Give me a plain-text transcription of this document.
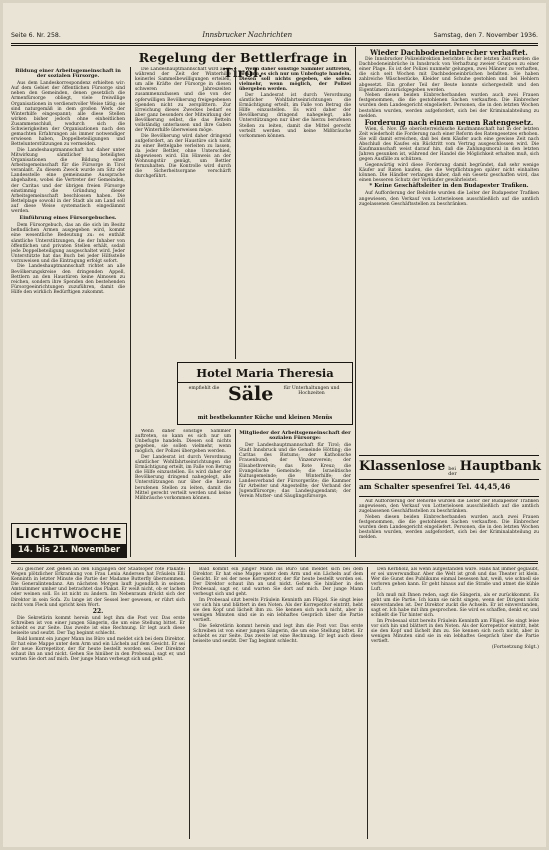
Seite 6. Nr. 258.	Innsbrucker Nachrichten	Samstag, den 7. November 1936.
Regelung der Bettlerfrage in Tirol.
Bildung einer Arbeitsgemeinschaft in der sozialen Fürsorge.

Aus dem Landeskorrespondenz erhielten wir: Auf dem Gebiet der öffentlichen Fürsorge sind neben den Gemeinden, denen gesetzlich die Armenfürsorge obliegt, viele freiwillige Organisationen in verdienstvoller Weise tätig; sie sind naturgemäß in dem großen Werk der Winterhilfe eingespannt; alle diese Stellen wirken bisher jedoch ohne einheitlichen Zusammenschluß, wodurch sich die Schwierigkeiten der Organisationen nach den gemachten Erfahrungen als immer notwendiger erwiesen haben, Doppelbeteiligungen und Bettelunterstützungen zu vermeiden.

Die Landeshauptmannschaft hat daher unter Mitwirkung sämtlicher beteiligten Organisationen die Bildung einer Arbeitsgemeinschaft für die Fürsorge in Tirol veranlaßt. Zu diesem Zweck wurde am Sitz der Landesstelle eine gemeinsame Aussprache abgehalten, wobei die Vertreter der Gemeinden, der Caritas und der übrigen freien Fürsorge einstimmig die Gründung dieser Arbeitsgemeinschaft beschlossen haben. Die Bettelplage sowohl in der Stadt als am Land soll auf diese Weise systematisch eingedämmt werden.

Einführung eines Fürsorgebuches.

Dem Fürsorgebuch, das an die sich im Besitz befindlichen Armen ausgegeben wird, kommt eine wesentliche Bedeutung zu: es enthält sämtliche Unterstützungen, die der Inhaber von öffentlichen und privaten Stellen erhält, sodaß jede Doppelbeteiligung ausgeschaltet wird. Jeder Unterstützte hat das Buch bei jeder Hilfsstelle vorzuweisen und die Eintragung erfolgt sofort.

Die Landeshauptmannschaft richtet an alle Bevölkerungskreise den dringenden Appell, Bettlern an den Haustüren keine Almosen zu reichen, sondern ihre Spenden den bestehenden Fürsorgeeinrichtungen zuzuführen, damit die Hilfe den wirklich Bedürftigen zukommt.

LICHTWOCHE
14. bis 21. November

Die Landeshauptmannschaft wird auch während der Zeit der Winterhilfe keinerlei Sammelbewilligungen erteilen, um alle Kräfte der Fürsorge in diesen schweren Jahreszeiten zusammenzufassen und die von der opferwilligen Bevölkerung freigegebenen Spenden nicht zu zersplittern. Zur Erreichung dieses Zweckes bedarf es aber ganz besonders der Mitwirkung der Bevölkerung selbst, die das Betteln vollständig unterlassen und ihre Gaben der Winterhilfe überweisen möge.

Die Bevölkerung wird daher dringend aufgefordert, an der Haustüre sich nicht zu einer Bettelgabe verleiten zu lassen, da jeder Bettler, ohne Unterschied, abgewiesen wird. Ein Hinweis an der Wohnungstür genügt, um Bettler fernzuhalten. Die Kontrolle wird durch die Sicherheitsorgane verschärft durchgeführt.

Wenn daher sonstige Sammler auftreten, so kann es sich nur um Unbefugte handeln. Diesen soll nichts gegeben, sie sollen vielmehr, wenn möglich, der Polizei übergeben werden.

Der Landesrat ist durch Verordnung sämtlicher Wohlfahrtseinrichtungen die Ermächtigung erteilt, im Falle von Betrug die Hilfe einzustellen. Es wird daher der Bevölkerung dringend nahegelegt, alle Unterstützungen nur über die hierzu berufenen Stellen zu leiten, damit die Mittel gerecht verteilt werden und keine Mißbräuche vorkommen können.

Hotel Maria Theresia
empfiehlt die Säle	für Unterhaltungen und Hochzeiten
mit bestbekannter Küche und kleinen Menüs

Wenn daher sonstige Sammler auftreten, so kann es sich nur um Unbefugte handeln. Diesen soll nichts gegeben, sie sollen vielmehr, wenn möglich, der Polizei übergeben werden.

Der Landesrat ist durch Verordnung sämtlicher Wohlfahrtseinrichtungen die Ermächtigung erteilt, im Falle von Betrug die Hilfe einzustellen. Es wird daher der Bevölkerung dringend nahegelegt, alle Unterstützungen nur über die hierzu berufenen Stellen zu leiten, damit die Mittel gerecht verteilt werden und keine Mißbräuche vorkommen können.

Mitglieder der Arbeitsgemeinschaft der sozialen Fürsorge:

Der Landeshauptmannschaft für Tirol; die Stadt Innsbruck und die Gemeinde Hötting; die Caritas des Bistums; der Katholische Frauenbund; der Vinzenzverein; der Elisabethverein; das Rote Kreuz; die Evangelische Gemeinde; die Israelitische Kultusgemeinde; die Winterhilfe; der Landesverband der Fürsorgeräte; die Kammer für Arbeiter und Angestellte; der Verband der Jugendfürsorge; das Landesjugendamt; der Verein Mutter- und Säuglingsfürsorge.

Wieder Dachbodeneinbrecher verhaftet.

Die Innsbrucker Polizeidirektion berichtet: In der letzten Zeit wurden die Dachbodeneinbrüche in Innsbruck von Verhaftung zweier Gruppen zu einer einer Plage. Es ist der Polizei nunmehr gelungen, zwei Männer zu verhaften, die sich seit Wochen mit Dachbodeneinbrüchen befaßten. Sie haben zahlreiche Wäschestücke, Kleider und Schuhe gestohlen und bei Hehlern abgesetzt. Ein großer Teil der Beute konnte sichergestellt und den Eigentümern zurückgegeben werden.

Neben diesen beiden Einbrecherbanden wurden auch zwei Frauen festgenommen, die die gestohlenen Sachen verkauften. Die Einbrecher wurden dem Landesgericht eingeliefert. Personen, die in den letzten Wochen bestohlen wurden, werden aufgefordert, sich bei der Kriminalabteilung zu melden.

Forderung nach einem neuen Ratengesetz.

Wien, 6. Nov. Die oberösterreichische Kaufmannschaft hat in der letzten Zeit wiederholt die Forderung nach einer Reform des Ratengesetzes erhoben. Sie will damit erreichen, daß bei dem Käufer auch eine gewisse Zeit nach Abschluß des Kaufes ein Rücktritt vom Vertrag ausgeschlossen wird. Die Kaufmannschaft weist darauf hin, daß die Zahlungsmoral in den letzten Jahren gesunken ist, während der Handel die Möglichkeit erhalten muß, sich gegen Ausfälle zu schützen.

Gegenwärtig wird diese Forderung damit begründet, daß sehr wenige Käufer auf Raten kaufen, die die Verpflichtungen später nicht einhalten können. Die Händler verlangen daher, daß ein Gesetz geschaffen wird, das einen besseren Schutz der Verkäufer gewährleistet.

* Keine Geschäftsleiter in den Budapester Trafiken.

Auf Aufforderung der Behörde wurden die Leiter der Budapester Trafiken angewiesen, den Verkauf von Lotterielosen ausschließlich auf die amtlich zugelassenen Geschäftsstellen zu beschränken.

Klassenlose bei der Hauptbank
am Schalter spesenfrei Tel. 44,45,46

Auf Aufforderung der Behörde wurden die Leiter der Budapester Trafiken angewiesen, den Verkauf von Lotterielosen ausschließlich auf die amtlich zugelassenen Geschäftsstellen zu beschränken.

Neben diesen beiden Einbrecherbanden wurden auch zwei Frauen festgenommen, die die gestohlenen Sachen verkauften. Die Einbrecher wurden dem Landesgericht eingeliefert. Personen, die in den letzten Wochen bestohlen wurden, werden aufgefordert, sich bei der Kriminalabteilung zu melden.

Zu gleicher Zeit gehen an den Eingängen der Staatsoper rote Plakate: Wegen plötzlicher Erkrankung von Frau Lenia Andersen hat Fräulein Elli Kenninth in letzter Minute die Partie der Madame Butterfly übernommen. Die Generalintendanz. Am nächsten Morgen lauft jugendlich in seinem Amtszimmer umher und betrachtet das Plakat. Er weiß nicht, ob er lachen oder weinen soll. Es ist nicht zu ändern. Im Nebenraum drückt sich der Direktor in sein Sofa. Zu lange ist der Sessel leer gewesen, er rührt sich nicht vom Fleck und spricht kein Wort.

22.

Die Sekretärin kommt herein und legt ihm die Post vor. Das erste Schreiben ist von einer jungen Sängerin, die um eine Stellung bittet. Er schiebt es zur Seite. Das zweite ist eine Rechnung. Er legt auch diese beiseite und seufzt. Der Tag beginnt schlecht.

Bald kommt ein junger Mann ins Büro und meldet sich bei dem Direktor. Er hat eine Mappe unter dem Arm und ein Lächeln auf dem Gesicht. Er sei der neue Korrepetitor, der für heute bestellt worden sei. Der Direktor schaut ihn an und nickt. Gehen Sie hinüber in den Probesaal, sagt er, und warten Sie dort auf mich. Der junge Mann verbeugt sich und geht.

Bald kommt ein junger Mann ins Büro und meldet sich bei dem Direktor. Er hat eine Mappe unter dem Arm und ein Lächeln auf dem Gesicht. Er sei der neue Korrepetitor, der für heute bestellt worden sei. Der Direktor schaut ihn an und nickt. Gehen Sie hinüber in den Probesaal, sagt er, und warten Sie dort auf mich. Der junge Mann verbeugt sich und geht.

Im Probesaal sitzt bereits Fräulein Kenninth am Flügel. Sie singt leise vor sich hin und blättert in den Noten. Als der Korrepetitor eintritt, hebt sie den Kopf und lächelt ihm zu. Sie kennen sich noch nicht, aber in wenigen Minuten sind sie in ein lebhaftes Gespräch über die Partie vertieft.

Die Sekretärin kommt herein und legt ihm die Post vor. Das erste Schreiben ist von einer jungen Sängerin, die um eine Stellung bittet. Er schiebt es zur Seite. Das zweite ist eine Rechnung. Er legt auch diese beiseite und seufzt. Der Tag beginnt schlecht.

Den Kerbholz, als wenn aufgestanden wäre. Hans hat immer geglaubt, er sei unverwundbar. Aber die Welt ist groß und das Theater ist klein. Wer die Gunst des Publikums einmal besessen hat, weiß, wie schnell sie verloren gehen kann. Er geht hinaus auf die Straße und atmet die kühle Luft.

Ich muß mit Ihnen reden, sagt die Sängerin, als er zurückkommt. Es geht um die Partie. Ich kann sie nicht singen, wenn der Dirigent nicht einverstanden ist. Der Direktor zuckt die Achseln. Er ist einverstanden, sagt er. Ich habe mit ihm gesprochen. Sie wird es schaffen, denkt er, und schließt die Tür hinter sich.

Im Probesaal sitzt bereits Fräulein Kenninth am Flügel. Sie singt leise vor sich hin und blättert in den Noten. Als der Korrepetitor eintritt, hebt sie den Kopf und lächelt ihm zu. Sie kennen sich noch nicht, aber in wenigen Minuten sind sie in ein lebhaftes Gespräch über die Partie vertieft.

(Fortsetzung folgt.)
